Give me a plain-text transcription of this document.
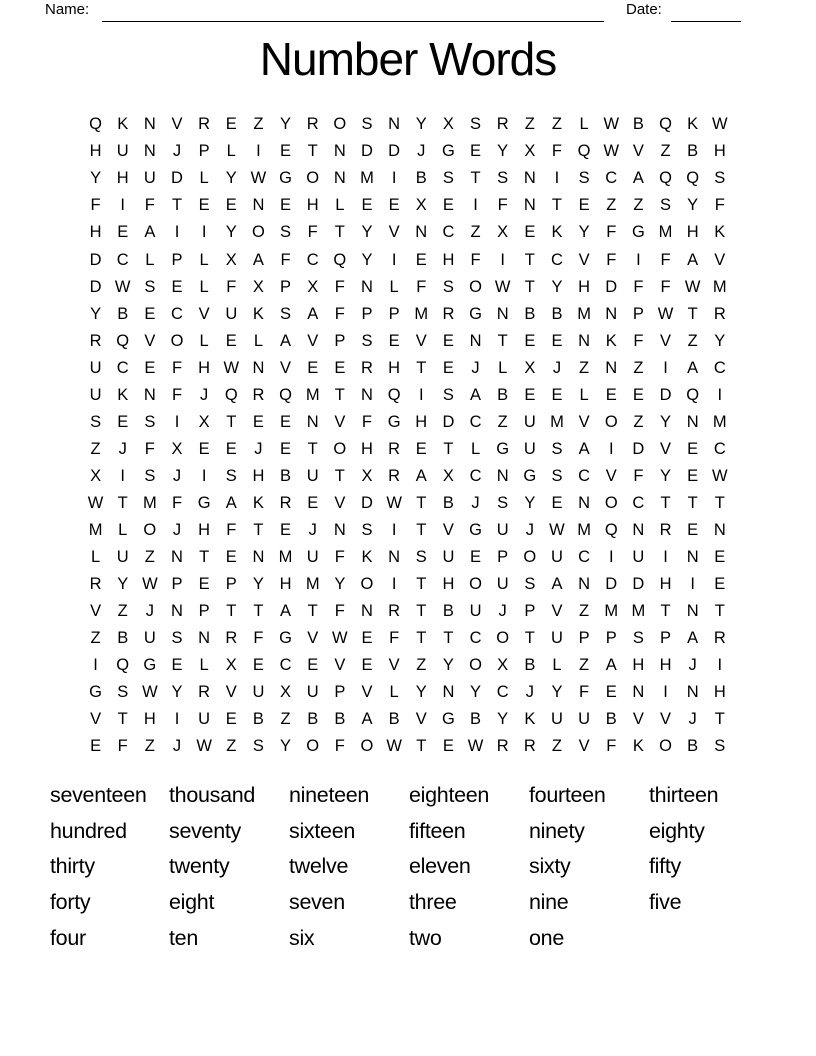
Name:	Date:
Number Words
Q K N V R E	Z	Y R O S N Y X S R Z	Z	L W B Q K W
H U N	J	P	L	I	E	T N D D	J	G E Y X	F Q W V	Z	B H
Y H U D	L	Y W G O N M	I	B S	T	S N	I	S C A Q Q S
F	I	F	T	E E N E H	L	E E X E	I	F N T	E	Z	Z	S Y	F
H E A	I	I	Y O S	F	T	Y V N C Z	X E K Y	F G M H K
D C	L	P	L	X A	F C Q Y	I	E H F	I	T C V	F	I	F	A V
D W S E	L	F	X P X	F N	L	F	S O W T	Y H D F	F W M
Y B E C V U K S A	F	P P M R G N B B M N P W T R
R Q V O L	E	L	A V P S E V E N T	E E N K	F	V	Z	Y
U C E	F H W N V E E R H T	E	J	L	X	J	Z N Z	I	A C
U K N F	J	Q R Q M T N Q	I	S A B E E	L	E E D Q	I
S E S	I	X	T	E E N V	F G H D C Z U M V O Z	Y N M
Z	J	F	X E E	J	E	T O H R E	T	L G U S A	I	D V E C
X	I	S	J	I	S H B U T	X R A X C N G S C V	F	Y E W
W T M F G A K R E V D W T	B	J	S Y E N O C T	T	T
M L O	J	H F	T	E	J	N S	I	T	V G U	J W M Q N R E N
L	U Z N T	E N M U F	K N S U E P O U C	I	U	I	N E
R Y W P E P Y H M Y O	I	T H O U S A N D D H	I	E
V	Z	J	N P	T	T	A	T	F N R T	B U	J	P V	Z M M T N T
Z	B U S N R F G V W E	F	T	T C O T U P P S P A R
I	Q G E	L	X E C E V E V	Z	Y O X B	L	Z	A H H	J	I
G S W Y R V U X U P V	L	Y N Y C	J	Y	F	E N	I	N H
V	T H	I	U E B	Z	B B A B V G B Y K U U B V V	J	T
E	F	Z	J W Z	S Y O F O W T	E W R R Z	V	F	K O B S
seventeen	thousand	nineteen	eighteen	fourteen	thirteen
hundred	seventy	sixteen	fifteen	ninety	eighty
thirty	twenty	twelve	eleven	sixty	fifty
forty	eight	seven	three	nine	five
four	ten	six	two	one
